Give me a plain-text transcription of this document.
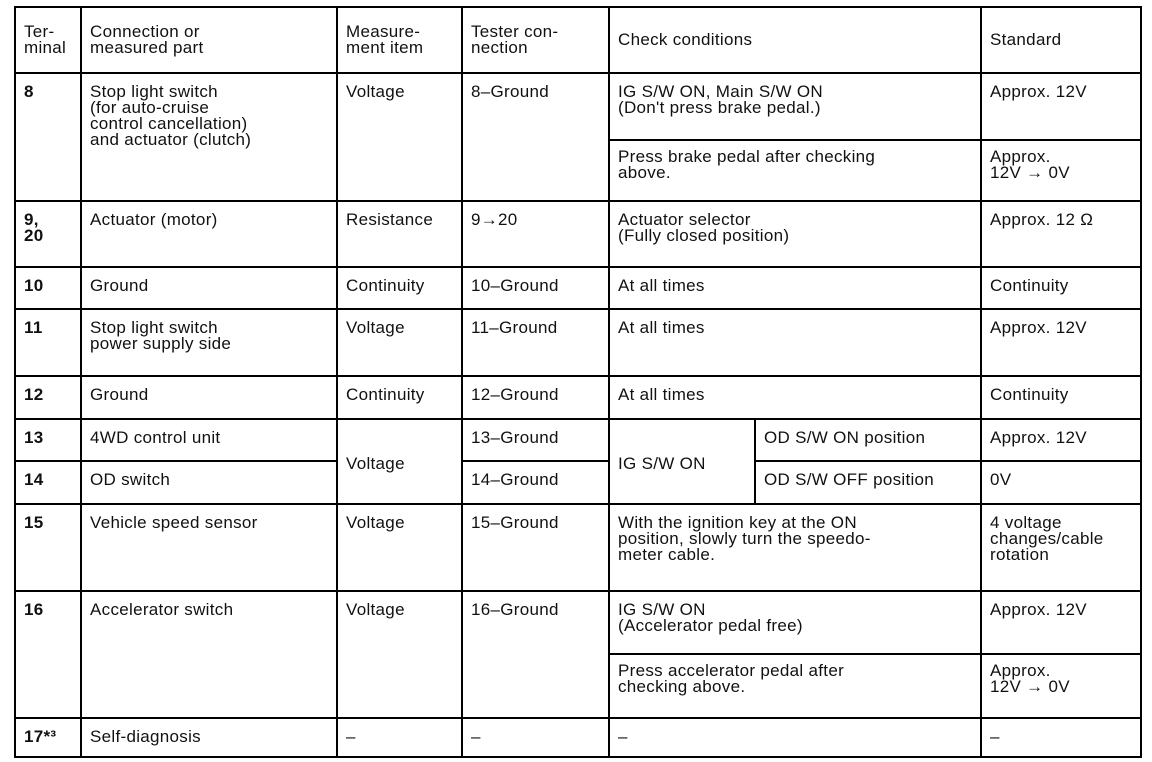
Ter-
minal	Connection or
measured part	Measure-
ment item	Tester con-
nection	Check conditions		Standard
8	Stop light switch
(for auto-cruise
control cancellation)
and actuator (clutch)	Voltage	8–Ground	IG S/W ON, Main S/W ON
(Don't press brake pedal.)		Approx. 12V
				Press brake pedal after checking
above.		Approx.
12V → 0V
9,
20	Actuator (motor)	Resistance	9→20	Actuator selector
(Fully closed position)		Approx. 12 Ω
10	Ground	Continuity	10–Ground	At all times		Continuity
11	Stop light switch
power supply side	Voltage	11–Ground	At all times		Approx. 12V
12	Ground	Continuity	12–Ground	At all times		Continuity
13	4WD control unit	Voltage	13–Ground	IG S/W ON	OD S/W ON position	Approx. 12V
14	OD switch		14–Ground		OD S/W OFF position	0V
15	Vehicle speed sensor	Voltage	15–Ground	With the ignition key at the ON
position, slowly turn the speedo-
meter cable.		4 voltage
changes/cable
rotation
16	Accelerator switch	Voltage	16–Ground	IG S/W ON
(Accelerator pedal free)		Approx. 12V
				Press accelerator pedal after
checking above.		Approx.
12V → 0V
17*³	Self-diagnosis	–	–	–		–
